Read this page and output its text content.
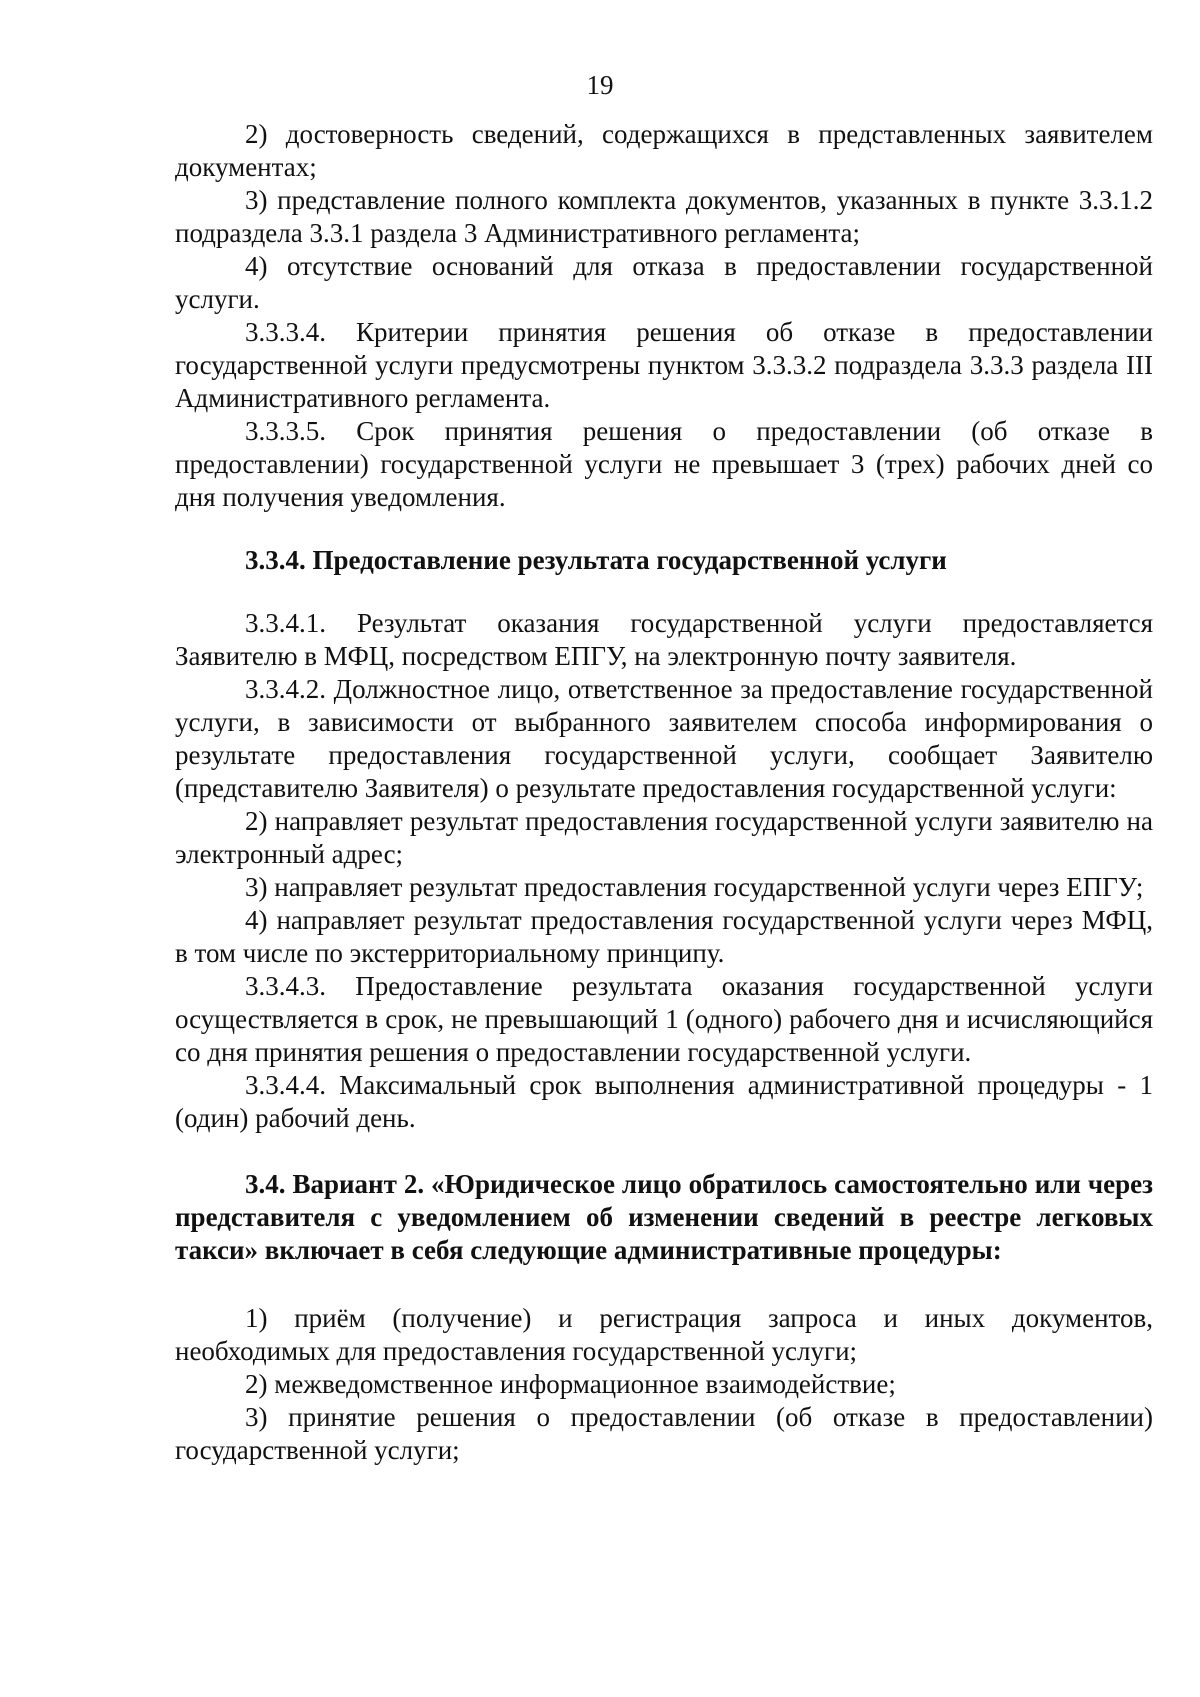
19

2) достоверность сведений, содержащихся в представленных заявителем документах;

3) представление полного комплекта документов, указанных в пункте 3.3.1.2 подраздела 3.3.1 раздела 3 Административного регламента;

4) отсутствие оснований для отказа в предоставлении государственной услуги.

3.3.3.4. Критерии принятия решения об отказе в предоставлении государственной услуги предусмотрены пунктом 3.3.3.2 подраздела 3.3.3 раздела III Административного регламента.

3.3.3.5. Срок принятия решения о предоставлении (об отказе в предоставлении) государственной услуги не превышает 3 (трех) рабочих дней со дня получения уведомления.

3.3.4. Предоставление результата государственной услуги

3.3.4.1. Результат оказания государственной услуги предоставляется Заявителю в МФЦ, посредством ЕПГУ, на электронную почту заявителя.

3.3.4.2. Должностное лицо, ответственное за предоставление государственной услуги, в зависимости от выбранного заявителем способа информирования о результате предоставления государственной услуги, сообщает Заявителю (представителю Заявителя) о результате предоставления государственной услуги:

2) направляет результат предоставления государственной услуги заявителю на электронный адрес;

3) направляет результат предоставления государственной услуги через ЕПГУ;

4) направляет результат предоставления государственной услуги через МФЦ, в том числе по экстерриториальному принципу.

3.3.4.3. Предоставление результата оказания государственной услуги осуществляется в срок, не превышающий 1 (одного) рабочего дня и исчисляющийся со дня принятия решения о предоставлении государственной услуги.

3.3.4.4. Максимальный срок выполнения административной процедуры - 1 (один) рабочий день.

3.4. Вариант 2. «Юридическое лицо обратилось самостоятельно или через представителя с уведомлением об изменении сведений в реестре легковых такси» включает в себя следующие административные процедуры:

1) приём (получение) и регистрация запроса и иных документов, необходимых для предоставления государственной услуги;

2) межведомственное информационное взаимодействие;

3) принятие решения о предоставлении (об отказе в предоставлении) государственной услуги;
